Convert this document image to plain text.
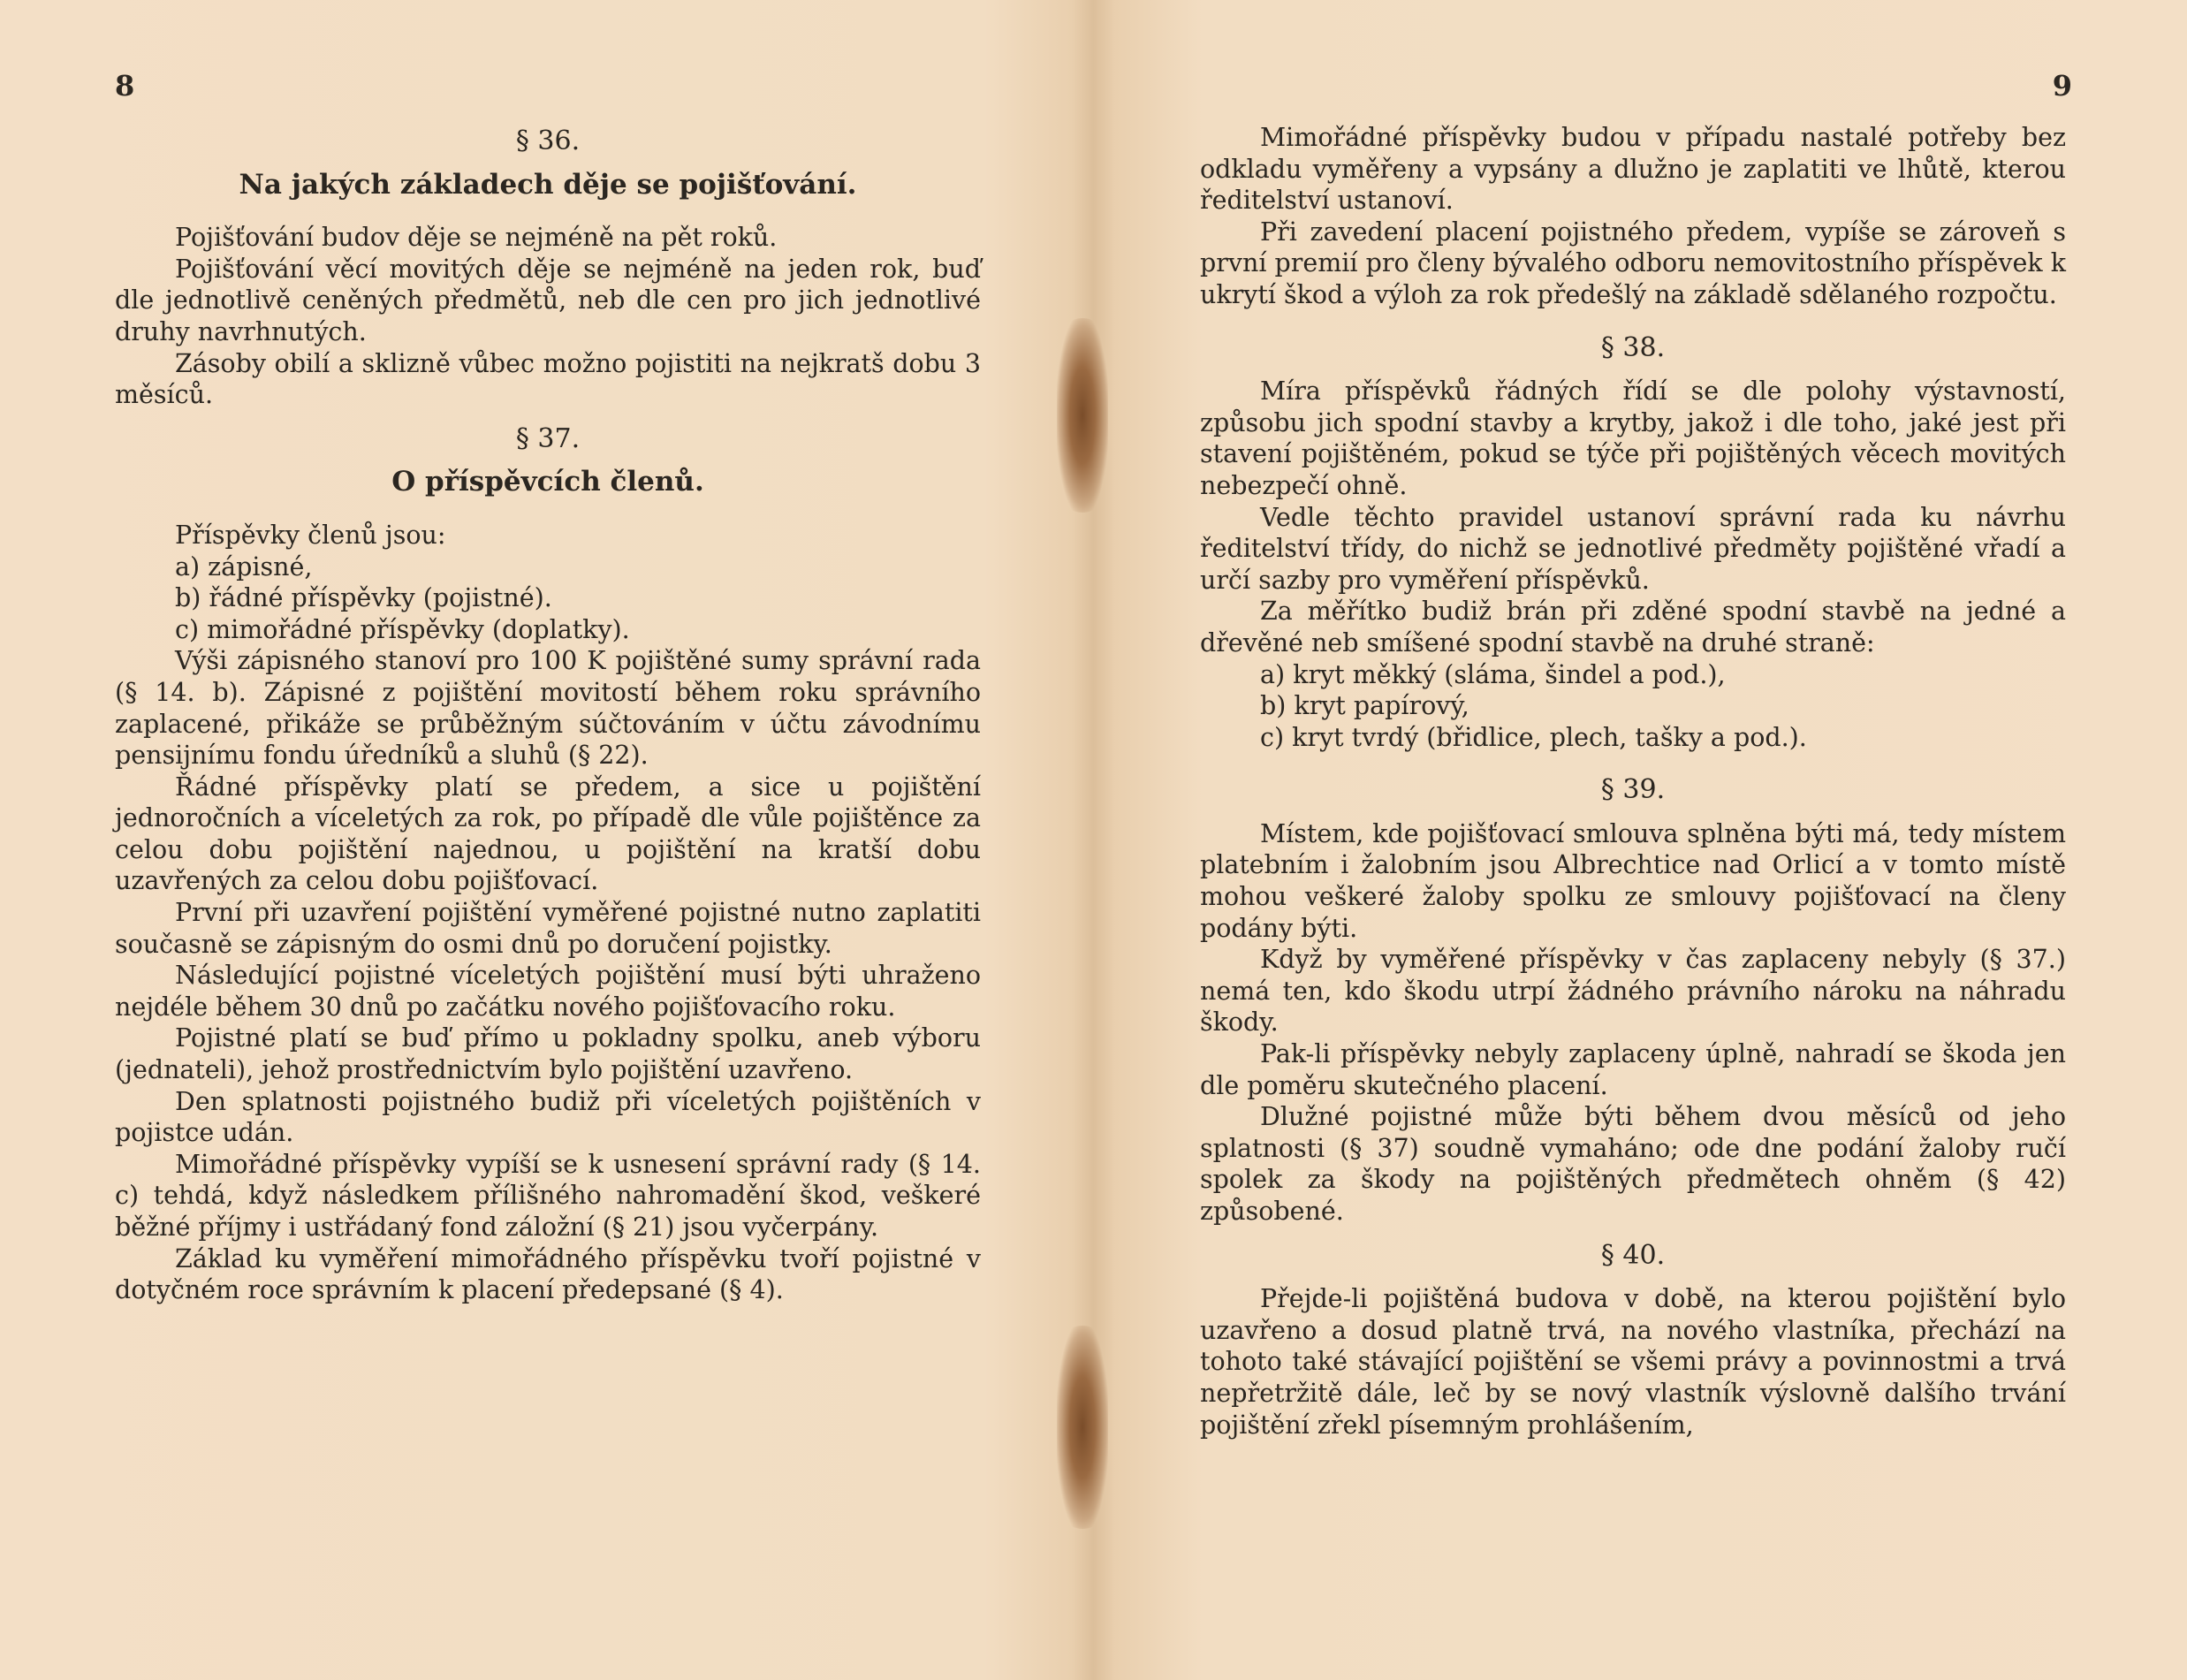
8	9

§ 36.

Na jakých základech děje se pojišťování.

Pojišťování budov děje se nejméně na pět roků.

Pojišťování věcí movitých děje se nejméně na jeden rok, buď dle jednotlivě ceněných předmětů, neb dle cen pro jich jednotlivé druhy navrhnutých.

Zásoby obilí a sklizně vůbec možno pojistiti na nejkratš dobu 3 měsíců.

§ 37.

O příspěvcích členů.

Příspěvky členů jsou:

a) zápisné,

b) řádné příspěvky (pojistné).

c) mimořádné příspěvky (doplatky).

Výši zápisného stanoví pro 100 K pojištěné sumy správní rada (§ 14. b). Zápisné z pojištění movitostí během roku správního zaplacené, přikáže se průběžným súčtováním v účtu závodnímu pensijnímu fondu úředníků a sluhů (§ 22).

Řádné příspěvky platí se předem, a sice u pojištění jednoročních a víceletých za rok, po případě dle vůle pojištěnce za celou dobu pojištění najednou, u pojištění na kratší dobu uzavřených za celou dobu pojišťovací.

První při uzavření pojištění vyměřené pojistné nutno zaplatiti současně se zápisným do osmi dnů po doručení pojistky.

Následující pojistné víceletých pojištění musí býti uhraženo nejdéle během 30 dnů po začátku nového pojišťovacího roku.

Pojistné platí se buď přímo u pokladny spolku, aneb výboru (jednateli), jehož prostřednictvím bylo pojištění uzavřeno.

Den splatnosti pojistného budiž při víceletých pojištěních v pojistce udán.

Mimořádné příspěvky vypíší se k usnesení správní rady (§ 14. c) tehdá, když následkem přílišného nahromadění škod, veškeré běžné příjmy i ustřádaný fond záložní (§ 21) jsou vyčerpány.

Základ ku vyměření mimořádného příspěvku tvoří pojistné v dotyčném roce správním k placení předepsané (§ 4).

Mimořádné příspěvky budou v případu nastalé potřeby bez odkladu vyměřeny a vypsány a dlužno je zaplatiti ve lhůtě, kterou ředitelství ustanoví.

Při zavedení placení pojistného předem, vypíše se zároveň s první premií pro členy bývalého odboru nemovitostního příspěvek k ukrytí škod a výloh za rok předešlý na základě sdělaného rozpočtu.

§ 38.

Míra příspěvků řádných řídí se dle polohy výstavností, způsobu jich spodní stavby a krytby, jakož i dle toho, jaké jest při stavení pojištěném, pokud se týče při pojištěných věcech movitých nebezpečí ohně.

Vedle těchto pravidel ustanoví správní rada ku návrhu ředitelství třídy, do nichž se jednotlivé předměty pojištěné vřadí a určí sazby pro vyměření příspěvků.

Za měřítko budiž brán při zděné spodní stavbě na jedné a dřevěné neb smíšené spodní stavbě na druhé straně:

a) kryt měkký (sláma, šindel a pod.),

b) kryt papírový,

c) kryt tvrdý (břidlice, plech, tašky a pod.).

§ 39.

Místem, kde pojišťovací smlouva splněna býti má, tedy místem platebním i žalobním jsou Albrechtice nad Orlicí a v tomto místě mohou veškeré žaloby spolku ze smlouvy pojišťovací na členy podány býti.

Když by vyměřené příspěvky v čas zaplaceny nebyly (§ 37.) nemá ten, kdo škodu utrpí žádného právního nároku na náhradu škody.

Pak-li příspěvky nebyly zaplaceny úplně, nahradí se škoda jen dle poměru skutečného placení.

Dlužné pojistné může býti během dvou měsíců od jeho splatnosti (§ 37) soudně vymaháno; ode dne podání žaloby ručí spolek za škody na pojištěných předmětech ohněm (§ 42) způsobené.

§ 40.

Přejde-li pojištěná budova v době, na kterou pojištění bylo uzavřeno a dosud platně trvá, na nového vlastníka, přechází na tohoto také stávající pojištění se všemi právy a povinnostmi a trvá nepřetržitě dále, leč by se nový vlastník výslovně dalšího trvání pojištění zřekl písemným prohlášením,
